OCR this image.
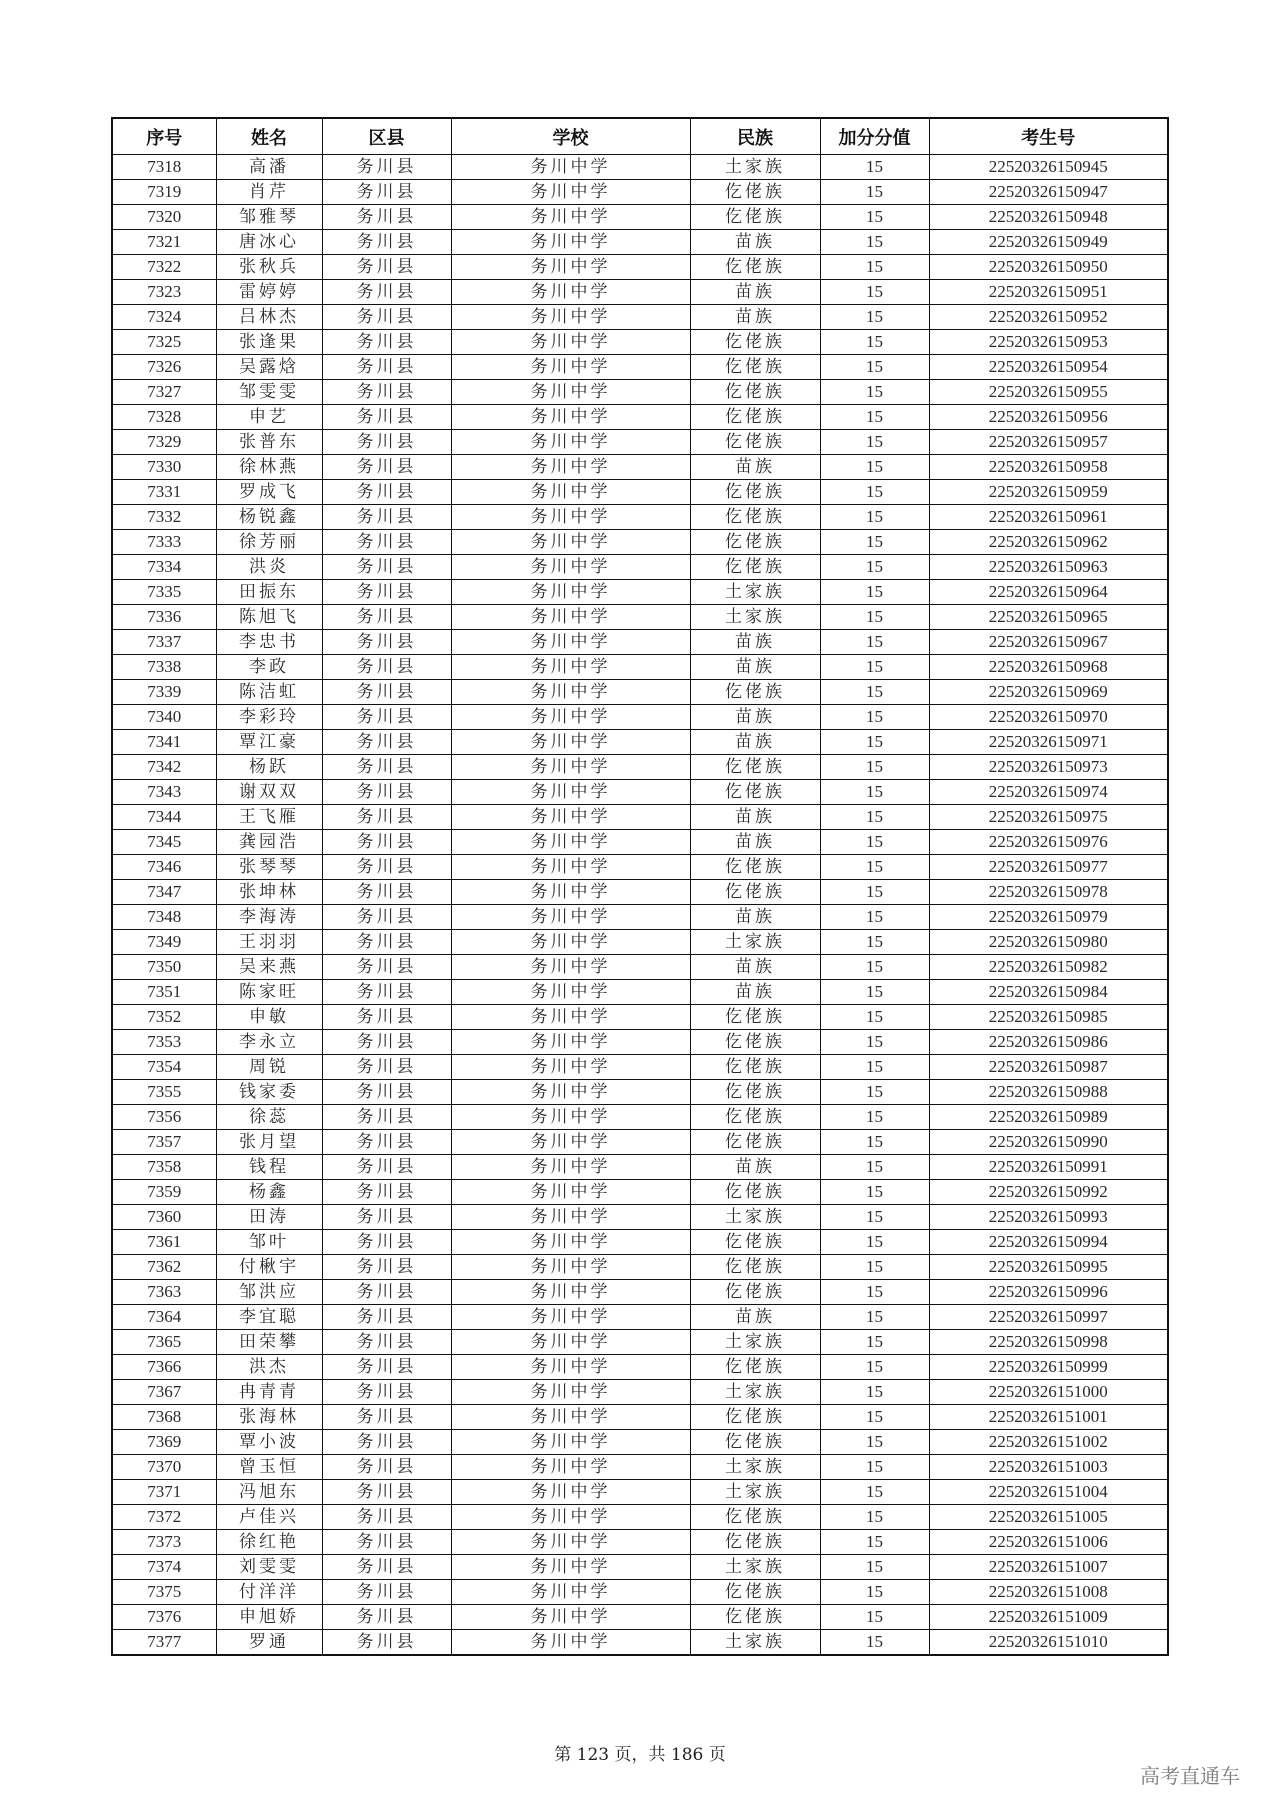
序号	姓名	区县	学校	民族	加分分值	考生号
7318	高潘	务川县	务川中学	土家族	15	22520326150945
7319	肖芹	务川县	务川中学	仡佬族	15	22520326150947
7320	邹雅琴	务川县	务川中学	仡佬族	15	22520326150948
7321	唐冰心	务川县	务川中学	苗族	15	22520326150949
7322	张秋兵	务川县	务川中学	仡佬族	15	22520326150950
7323	雷婷婷	务川县	务川中学	苗族	15	22520326150951
7324	吕林杰	务川县	务川中学	苗族	15	22520326150952
7325	张逢果	务川县	务川中学	仡佬族	15	22520326150953
7326	吴露焓	务川县	务川中学	仡佬族	15	22520326150954
7327	邹雯雯	务川县	务川中学	仡佬族	15	22520326150955
7328	申艺	务川县	务川中学	仡佬族	15	22520326150956
7329	张普东	务川县	务川中学	仡佬族	15	22520326150957
7330	徐林燕	务川县	务川中学	苗族	15	22520326150958
7331	罗成飞	务川县	务川中学	仡佬族	15	22520326150959
7332	杨锐鑫	务川县	务川中学	仡佬族	15	22520326150961
7333	徐芳丽	务川县	务川中学	仡佬族	15	22520326150962
7334	洪炎	务川县	务川中学	仡佬族	15	22520326150963
7335	田振东	务川县	务川中学	土家族	15	22520326150964
7336	陈旭飞	务川县	务川中学	土家族	15	22520326150965
7337	李忠书	务川县	务川中学	苗族	15	22520326150967
7338	李政	务川县	务川中学	苗族	15	22520326150968
7339	陈洁虹	务川县	务川中学	仡佬族	15	22520326150969
7340	李彩玲	务川县	务川中学	苗族	15	22520326150970
7341	覃江豪	务川县	务川中学	苗族	15	22520326150971
7342	杨跃	务川县	务川中学	仡佬族	15	22520326150973
7343	谢双双	务川县	务川中学	仡佬族	15	22520326150974
7344	王飞雁	务川县	务川中学	苗族	15	22520326150975
7345	龚园浩	务川县	务川中学	苗族	15	22520326150976
7346	张琴琴	务川县	务川中学	仡佬族	15	22520326150977
7347	张坤林	务川县	务川中学	仡佬族	15	22520326150978
7348	李海涛	务川县	务川中学	苗族	15	22520326150979
7349	王羽羽	务川县	务川中学	土家族	15	22520326150980
7350	吴来燕	务川县	务川中学	苗族	15	22520326150982
7351	陈家旺	务川县	务川中学	苗族	15	22520326150984
7352	申敏	务川县	务川中学	仡佬族	15	22520326150985
7353	李永立	务川县	务川中学	仡佬族	15	22520326150986
7354	周锐	务川县	务川中学	仡佬族	15	22520326150987
7355	钱家委	务川县	务川中学	仡佬族	15	22520326150988
7356	徐蕊	务川县	务川中学	仡佬族	15	22520326150989
7357	张月望	务川县	务川中学	仡佬族	15	22520326150990
7358	钱程	务川县	务川中学	苗族	15	22520326150991
7359	杨鑫	务川县	务川中学	仡佬族	15	22520326150992
7360	田涛	务川县	务川中学	土家族	15	22520326150993
7361	邹叶	务川县	务川中学	仡佬族	15	22520326150994
7362	付楸宇	务川县	务川中学	仡佬族	15	22520326150995
7363	邹洪应	务川县	务川中学	仡佬族	15	22520326150996
7364	李宜聪	务川县	务川中学	苗族	15	22520326150997
7365	田荣攀	务川县	务川中学	土家族	15	22520326150998
7366	洪杰	务川县	务川中学	仡佬族	15	22520326150999
7367	冉青青	务川县	务川中学	土家族	15	22520326151000
7368	张海林	务川县	务川中学	仡佬族	15	22520326151001
7369	覃小波	务川县	务川中学	仡佬族	15	22520326151002
7370	曾玉恒	务川县	务川中学	土家族	15	22520326151003
7371	冯旭东	务川县	务川中学	土家族	15	22520326151004
7372	卢佳兴	务川县	务川中学	仡佬族	15	22520326151005
7373	徐红艳	务川县	务川中学	仡佬族	15	22520326151006
7374	刘雯雯	务川县	务川中学	土家族	15	22520326151007
7375	付洋洋	务川县	务川中学	仡佬族	15	22520326151008
7376	申旭娇	务川县	务川中学	仡佬族	15	22520326151009
7377	罗通	务川县	务川中学	土家族	15	22520326151010
第 123 页，共 186 页
高考直通车
